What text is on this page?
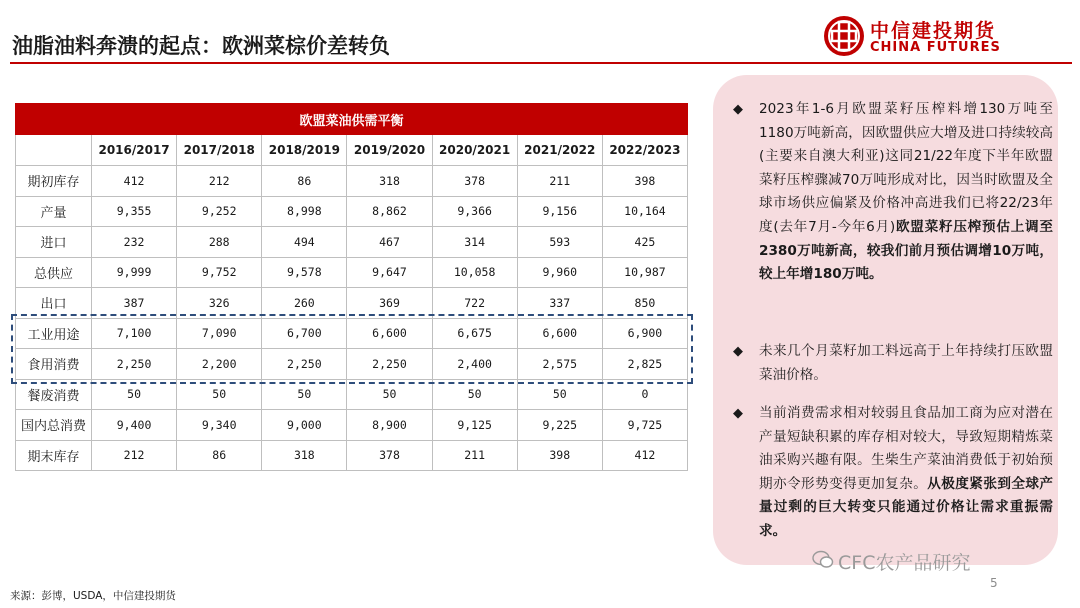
油脂油料奔溃的起点：欧洲菜棕价差转负
中信建投期货
CHINA FUTURES
欧盟菜油供需平衡							
	2016/2017	2017/2018	2018/2019	2019/2020	2020/2021	2021/2022	2022/2023
期初库存	412	212	86	318	378	211	398
产量	9,355	9,252	8,998	8,862	9,366	9,156	10,164
进口	232	288	494	467	314	593	425
总供应	9,999	9,752	9,578	9,647	10,058	9,960	10,987
出口	387	326	260	369	722	337	850
工业用途	7,100	7,090	6,700	6,600	6,675	6,600	6,900
食用消费	2,250	2,200	2,250	2,250	2,400	2,575	2,825
餐废消费	50	50	50	50	50	50	0
国内总消费	9,400	9,340	9,000	8,900	9,125	9,225	9,725
期末库存	212	86	318	378	211	398	412
来源：彭博，USDA，中信建投期货
◆	2023年1-6月欧盟菜籽压榨料增130万吨至1180万吨新高，因欧盟供应大增及进口持续较高(主要来自澳大利亚)这同21/22年度下半年欧盟菜籽压榨骤减70万吨形成对比，因当时欧盟及全球市场供应偏紧及价格冲高进我们已将22/23年度(去年7月-今年6月)欧盟菜籽压榨预估上调至2380万吨新高，较我们前月预估调增10万吨，较上年增180万吨。
◆	未来几个月菜籽加工料远高于上年持续打压欧盟菜油价格。
◆	当前消费需求相对较弱且食品加工商为应对潜在产量短缺积累的库存相对较大，导致短期精炼菜油采购兴趣有限。生柴生产菜油消费低于初始预期亦令形势变得更加复杂。从极度紧张到全球产量过剩的巨大转变只能通过价格让需求重振需求。
CFC农产品研究
5
